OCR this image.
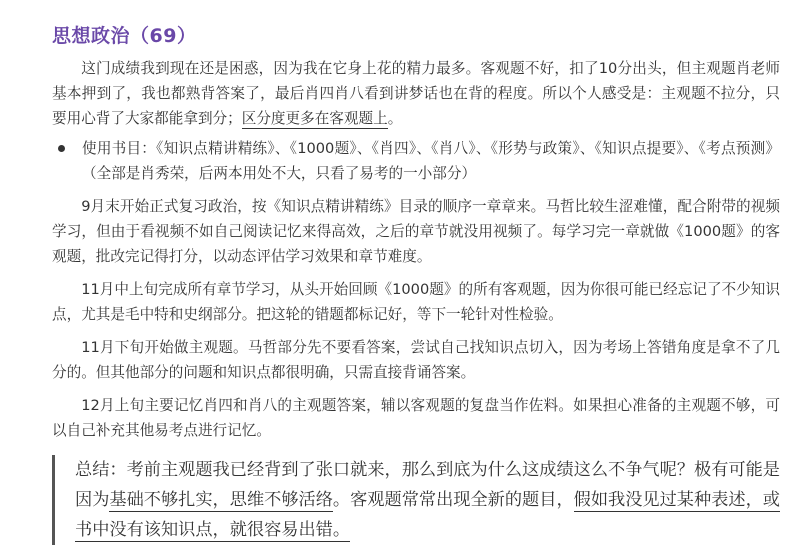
思想政治（69）

这门成绩我到现在还是困惑，因为我在它身上花的精力最多。客观题不好，扣了10分出头，但主观题肖老师基本押到了，我也都熟背答案了，最后肖四肖八看到讲梦话也在背的程度。所以个人感受是：主观题不拉分，只要用心背了大家都能拿到分；区分度更多在客观题上。

使用书目：《知识点精讲精练》、《1000题》、《肖四》、《肖八》、《形势与政策》、《知识点提要》、《考点预测》（全部是肖秀荣，后两本用处不大，只看了易考的一小部分）

9月末开始正式复习政治，按《知识点精讲精练》目录的顺序一章章来。马哲比较生涩难懂，配合附带的视频学习，但由于看视频不如自己阅读记忆来得高效，之后的章节就没用视频了。每学习完一章就做《1000题》的客观题，批改完记得打分，以动态评估学习效果和章节难度。

11月中上旬完成所有章节学习，从头开始回顾《1000题》的所有客观题，因为你很可能已经忘记了不少知识点，尤其是毛中特和史纲部分。把这轮的错题都标记好，等下一轮针对性检验。

11月下旬开始做主观题。马哲部分先不要看答案，尝试自己找知识点切入，因为考场上答错角度是拿不了几分的。但其他部分的问题和知识点都很明确，只需直接背诵答案。

12月上旬主要记忆肖四和肖八的主观题答案，辅以客观题的复盘当作佐料。如果担心准备的主观题不够，可以自己补充其他易考点进行记忆。

总结：考前主观题我已经背到了张口就来，那么到底为什么这成绩这么不争气呢？极有可能是因为基础不够扎实，思维不够活络。客观题常常出现全新的题目，假如我没见过某种表述，或书中没有该知识点，就很容易出错。
